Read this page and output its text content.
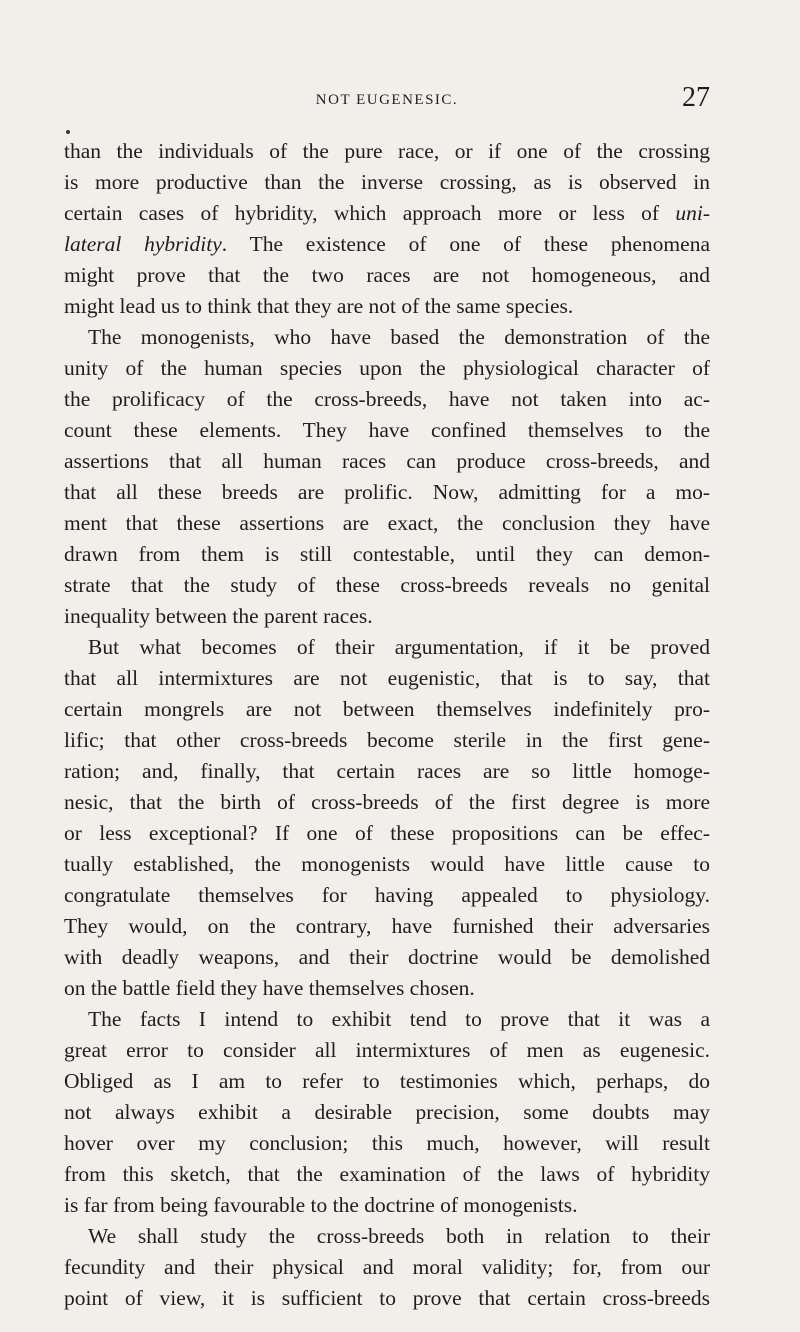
NOT EUGENESIC.	27
than the individuals of the pure race, or if one of the crossing
is more productive than the inverse crossing, as is observed in
certain cases of hybridity, which approach more or less of uni-
lateral hybridity. The existence of one of these phenomena
might prove that the two races are not homogeneous, and
might lead us to think that they are not of the same species.
The monogenists, who have based the demonstration of the
unity of the human species upon the physiological character of
the prolificacy of the cross-breeds, have not taken into ac-
count these elements. They have confined themselves to the
assertions that all human races can produce cross-breeds, and
that all these breeds are prolific. Now, admitting for a mo-
ment that these assertions are exact, the conclusion they have
drawn from them is still contestable, until they can demon-
strate that the study of these cross-breeds reveals no genital
inequality between the parent races.
But what becomes of their argumentation, if it be proved
that all intermixtures are not eugenistic, that is to say, that
certain mongrels are not between themselves indefinitely pro-
lific; that other cross-breeds become sterile in the first gene-
ration; and, finally, that certain races are so little homoge-
nesic, that the birth of cross-breeds of the first degree is more
or less exceptional? If one of these propositions can be effec-
tually established, the monogenists would have little cause to
congratulate themselves for having appealed to physiology.
They would, on the contrary, have furnished their adversaries
with deadly weapons, and their doctrine would be demolished
on the battle field they have themselves chosen.
The facts I intend to exhibit tend to prove that it was a
great error to consider all intermixtures of men as eugenesic.
Obliged as I am to refer to testimonies which, perhaps, do
not always exhibit a desirable precision, some doubts may
hover over my conclusion; this much, however, will result
from this sketch, that the examination of the laws of hybridity
is far from being favourable to the doctrine of monogenists.
We shall study the cross-breeds both in relation to their
fecundity and their physical and moral validity; for, from our
point of view, it is sufficient to prove that certain cross-breeds
